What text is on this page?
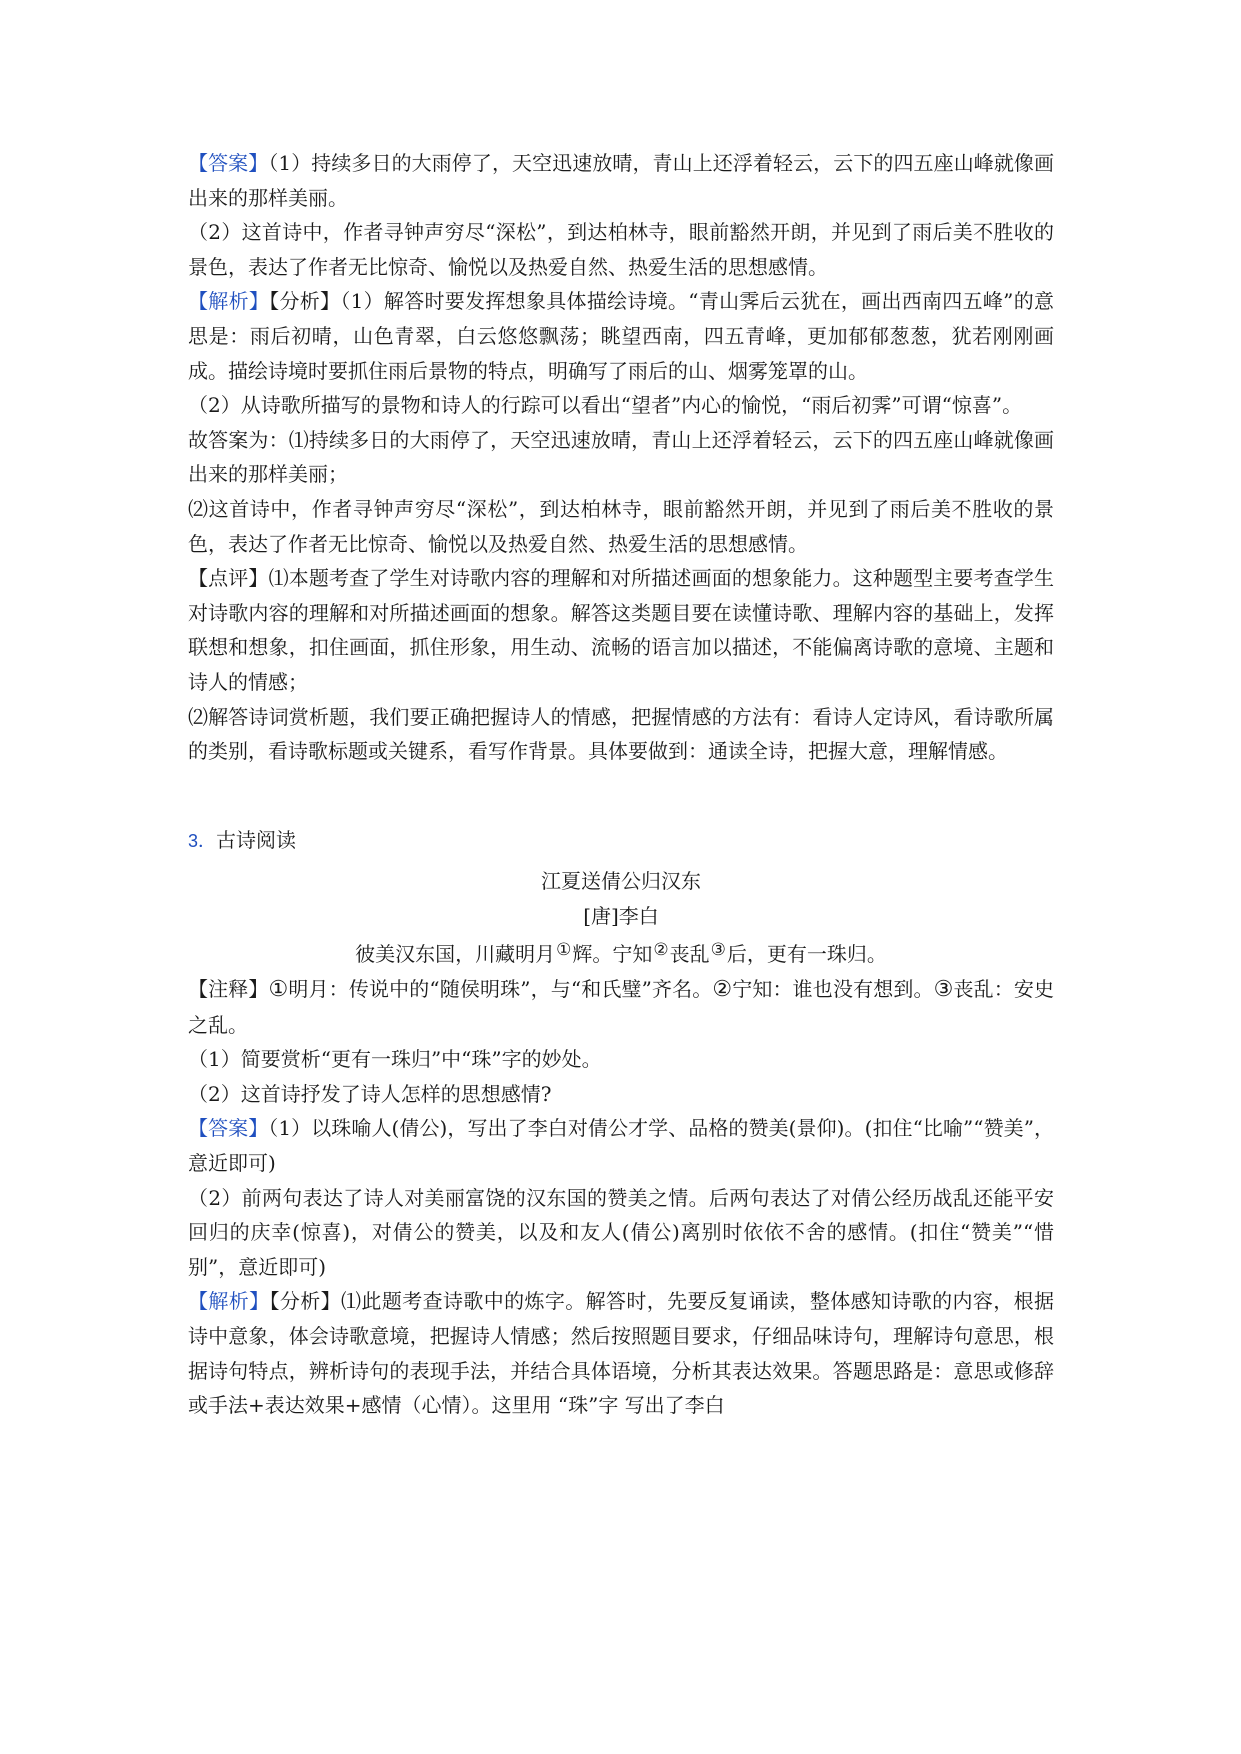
【答案】（1）持续多日的大雨停了，天空迅速放晴，青山上还浮着轻云，云下的四五座山峰就像画出来的那样美丽。

（2）这首诗中，作者寻钟声穷尽“深松”，到达柏林寺，眼前豁然开朗，并见到了雨后美不胜收的景色，表达了作者无比惊奇、愉悦以及热爱自然、热爱生活的思想感情。

【解析】【分析】（1）解答时要发挥想象具体描绘诗境。“青山霁后云犹在，画出西南四五峰”的意思是：雨后初晴，山色青翠，白云悠悠飘荡；眺望西南，四五青峰，更加郁郁葱葱，犹若刚刚画成。描绘诗境时要抓住雨后景物的特点，明确写了雨后的山、烟雾笼罩的山。

（2）从诗歌所描写的景物和诗人的行踪可以看出“望者”内心的愉悦，“雨后初霁”可谓“惊喜”。

故答案为：⑴持续多日的大雨停了，天空迅速放晴，青山上还浮着轻云，云下的四五座山峰就像画出来的那样美丽；

⑵这首诗中，作者寻钟声穷尽“深松”，到达柏林寺，眼前豁然开朗，并见到了雨后美不胜收的景色，表达了作者无比惊奇、愉悦以及热爱自然、热爱生活的思想感情。

【点评】⑴本题考查了学生对诗歌内容的理解和对所描述画面的想象能力。这种题型主要考查学生对诗歌内容的理解和对所描述画面的想象。解答这类题目要在读懂诗歌、理解内容的基础上，发挥联想和想象，扣住画面，抓住形象，用生动、流畅的语言加以描述，不能偏离诗歌的意境、主题和诗人的情感；

⑵解答诗词赏析题，我们要正确把握诗人的情感，把握情感的方法有：看诗人定诗风，看诗歌所属的类别，看诗歌标题或关键系，看写作背景。具体要做到：通读全诗，把握大意，理解情感。

3．古诗阅读

江夏送倩公归汉东

[唐]李白

彼美汉东国，川藏明月①辉。宁知②丧乱③后，更有一珠归。

【注释】①明月：传说中的“随侯明珠”，与“和氏璧”齐名。②宁知：谁也没有想到。③丧乱：安史之乱。

（1）简要赏析“更有一珠归”中“珠”字的妙处。

（2）这首诗抒发了诗人怎样的思想感情?

【答案】（1）以珠喻人(倩公)，写出了李白对倩公才学、品格的赞美(景仰)。(扣住“比喻”“赞美”，意近即可)

（2）前两句表达了诗人对美丽富饶的汉东国的赞美之情。后两句表达了对倩公经历战乱还能平安回归的庆幸(惊喜)，对倩公的赞美，以及和友人(倩公)离别时依依不舍的感情。(扣住“赞美”“惜别”，意近即可)

【解析】【分析】⑴此题考查诗歌中的炼字。解答时，先要反复诵读，整体感知诗歌的内容，根据诗中意象，体会诗歌意境，把握诗人情感；然后按照题目要求，仔细品味诗句，理解诗句意思，根据诗句特点，辨析诗句的表现手法，并结合具体语境，分析其表达效果。答题思路是：意思或修辞或手法+表达效果+感情（心情）。这里用 “珠”字 写出了李白
